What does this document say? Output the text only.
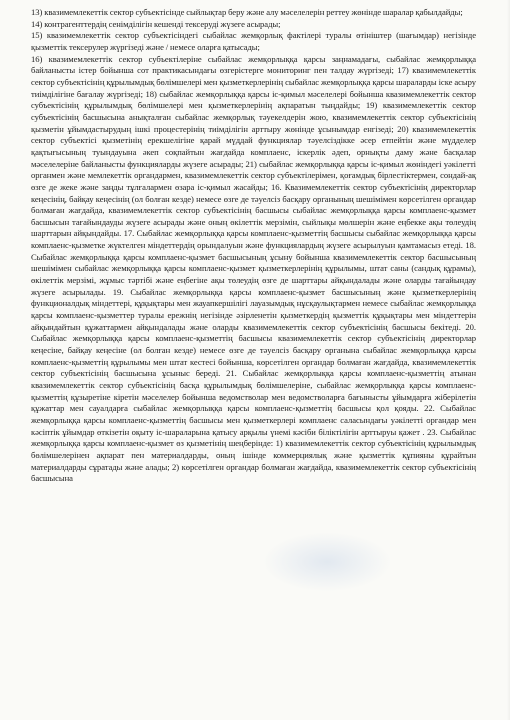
13) квазимемлекеттік сектор субъектісінде сыйлықтар беру және алу мәселелерін реттеу жөнінде шаралар қабылдайды;

14) контрагенттердің сенімділігін кешенді тексеруді жүзеге асырады;

15) квазимемлекеттік сектор субъектісіндегі сыбайлас жемқорлық фактілері туралы өтініштер (шағымдар) негізінде қызметтік тексерулер жүргізеді және / немесе оларға қатысады;

16) квазимемлекеттік сектор субъектілеріне сыбайлас жемқорлыққа қарсы заңнамадағы, сыбайлас жемқорлыққа байланысты істер бойынша сот практикасындағы өзгерістерге мониторинг пен талдау жүргізеді; 17) квазимемлекеттік сектор субъектісінің құрылымдық бөлімшелері мен қызметкерлерінің сыбайлас жемқорлыққа қарсы шараларды іске асыру тиімділігіне бағалау жүргізеді; 18) сыбайлас жемқорлыққа қарсы іс-қимыл мәселелері бойынша квазимемлекеттік сектор субъектісінің құрылымдық бөлімшелері мен қызметкерлерінің ақпаратын тыңдайды; 19) квазимемлекеттік сектор субъектісінің басшысына анықталған сыбайлас жемқорлық тәуекелдерін жою, квазимемлекеттік сектор субъектісінің қызметін ұйымдастырудың ішкі процестерінің тиімділігін арттыру жөнінде ұсынымдар енгізеді; 20) квазимемлекеттік сектор субъектісі қызметінің ерекшелігіне қарай мүддай функциялар тәуелсіздікке әсер етпейтін және мүдделер қақтығысының туындауына әкеп соқпайтын жағдайда комплаенс, іскерлік әдеп, орнықты даму және басқалар мәселелеріне байланысты функцияларды жүзеге асырады; 21) сыбайлас жемқорлыққа қарсы іс-қимыл жөніндегі уәкілетті органмен және мемлекеттік органдармен, квазимемлекеттік сектор субъектілерімен, қоғамдық бірлестіктермен, сондай-ақ өзге де жеке және заңды тұлғалармен өзара іс-қимыл жасайды; 16. Квазимемлекеттік сектор субъектісінің директорлар кеңесінің, байқау кеңесінің (ол болған кезде) немесе өзге де тәуелсіз басқару органының шешімімен көрсетілген органдар болмаған жағдайда, квазимемлекеттік сектор субъектісінің басшысы сыбайлас жемқорлыққа қарсы комплаенс-қызмет басшысын тағайындауды жүзеге асырады және оның өкілеттік мерзімін, сыйлықы мөлшерін және еңбекке ақы төлеудің шарттарын айқындайды. 17. Сыбайлас жемқорлыққа қарсы комплаенс-қызметтің басшысы сыбайлас жемқорлыққа қарсы комплаенс-қызметке жүктелген міндеттердің орындалуын және функциялардың жүзеге асырылуын қамтамасыз етеді. 18. Сыбайлас жемқорлыққа қарсы комплаенс-қызмет басшысының ұсыну бойынша квазимемлекеттік сектор басшысының шешімімен сыбайлас жемқорлыққа қарсы комплаенс-қызмет қызметкерлерінің құрылымы, штат саны (сандық құрамы), өкілеттік мерзімі, жұмыс тәртібі және еңбегіне ақы төлеудің өзге де шарттары айқындалады және оларды тағайындау жүзеге асырылады. 19. Сыбайлас жемқорлыққа қарсы комплаенс-қызмет басшысының және қызметкерлерінің функционалдық міндеттері, құқықтары мен жауапкершілігі лауазымдық нұсқаулықтармен немесе сыбайлас жемқорлыққа қарсы комплаенс-қызметтер туралы ережнің негізінде әзірленетін қызметкердің қызметтік құқықтары мен міндеттерін айқындайтын құжаттармен айқындалады және оларды квазимемлекеттік сектор субъектісінің басшысы бекітеді. 20. Сыбайлас жемқорлыққа қарсы комплаенс-қызметтің басшысы квазимемлекеттік сектор субъектісінің директорлар кеңесіне, байқау кеңесіне (ол болған кезде) немесе өзге де тәуелсіз басқару органына сыбайлас жемқорлыққа қарсы комплаенс-қызметтің құрылымы мен штат кестесі бойынша, көрсетілген органдар болмаған жағдайда, квазимемлекеттік сектор субъектісінің басшысына ұсыныс береді. 21. Сыбайлас жемқорлыққа қарсы комплаенс-қызметтің атынан квазимемлекеттік сектор субъектісінің басқа құрылымдық бөлімшелеріне, сыбайлас жемқорлыққа қарсы комплаенс-қызметтің құзыретіне кіретін мәселелер бойынша ведомстволар мен ведомстволарға бағынысты ұйымдарға жіберілетін құжаттар мен сауалдарға сыбайлас жемқорлыққа қарсы комплаенс-қызметтің басшысы қол қояды. 22. Сыбайлас жемқорлыққа қарсы комплаенс-қызметтің басшысы мен қызметкерлері комплаенс саласындағы уәкілетті органдар мен кәсіптік ұйымдар өткізетін оқыту іс-шараларына қатысу арқылы үнемі кәсіби біліктілігін арттыруы қажет . 23. Сыбайлас жемқорлыққа қарсы комплаенс-қызмет өз қызметінің шеңберінде: 1) квазимемлекеттік сектор субъектісінің құрылымдық бөлімшелерінен ақпарат пен материалдарды, оның ішінде коммерциялық және қызметтік құпияны құрайтын материалдарды сұратады және алады; 2) көрсетілген органдар болмаған жағдайда, квазимемлекеттік сектор субъектісінің басшысына
